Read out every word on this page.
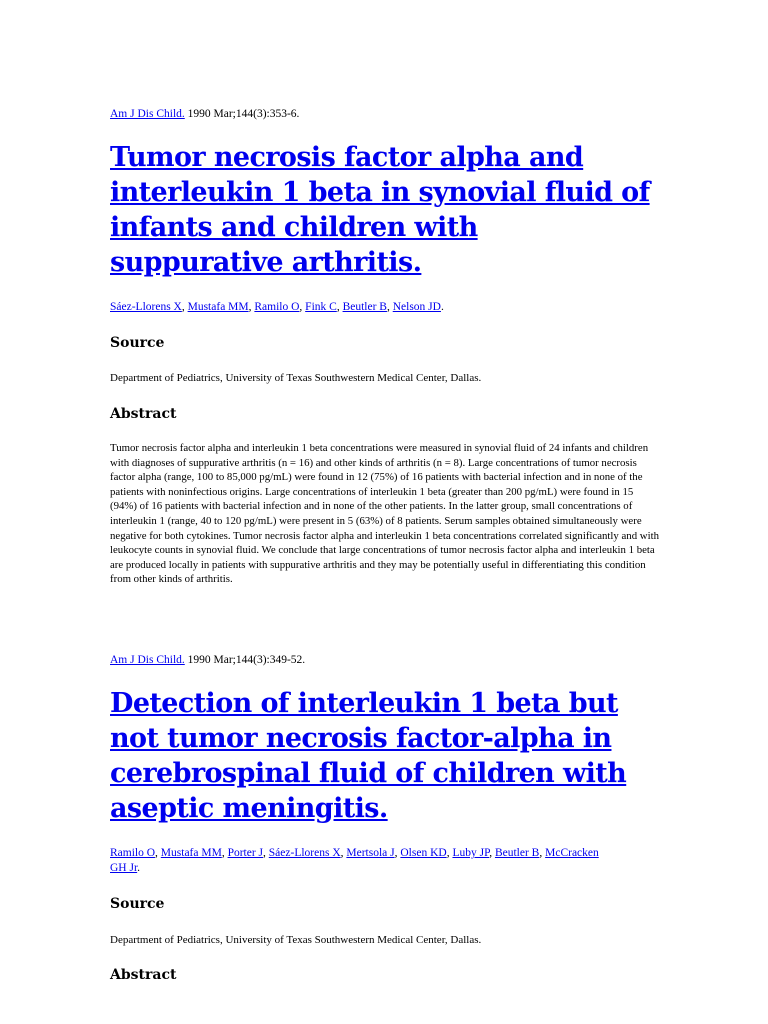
Am J Dis Child. 1990 Mar;144(3):353-6.

Tumor necrosis factor alpha and interleukin 1 beta in synovial fluid of infants and children with suppurative arthritis.

Sáez-Llorens X, Mustafa MM, Ramilo O, Fink C, Beutler B, Nelson JD.

Source

Department of Pediatrics, University of Texas Southwestern Medical Center, Dallas.

Abstract

Tumor necrosis factor alpha and interleukin 1 beta concentrations were measured in synovial fluid of 24 infants and children with diagnoses of suppurative arthritis (n = 16) and other kinds of arthritis (n = 8). Large concentrations of tumor necrosis factor alpha (range, 100 to 85,000 pg/mL) were found in 12 (75%) of 16 patients with bacterial infection and in none of the patients with noninfectious origins. Large concentrations of interleukin 1 beta (greater than 200 pg/mL) were found in 15 (94%) of 16 patients with bacterial infection and in none of the other patients. In the latter group, small concentrations of interleukin 1 (range, 40 to 120 pg/mL) were present in 5 (63%) of 8 patients. Serum samples obtained simultaneously were negative for both cytokines. Tumor necrosis factor alpha and interleukin 1 beta concentrations correlated significantly and with leukocyte counts in synovial fluid. We conclude that large concentrations of tumor necrosis factor alpha and interleukin 1 beta are produced locally in patients with suppurative arthritis and they may be potentially useful in differentiating this condition from other kinds of arthritis.

Am J Dis Child. 1990 Mar;144(3):349-52.

Detection of interleukin 1 beta but not tumor necrosis factor-alpha in cerebrospinal fluid of children with aseptic meningitis.

Ramilo O, Mustafa MM, Porter J, Sáez-Llorens X, Mertsola J, Olsen KD, Luby JP, Beutler B, McCracken GH Jr.

Source

Department of Pediatrics, University of Texas Southwestern Medical Center, Dallas.

Abstract
